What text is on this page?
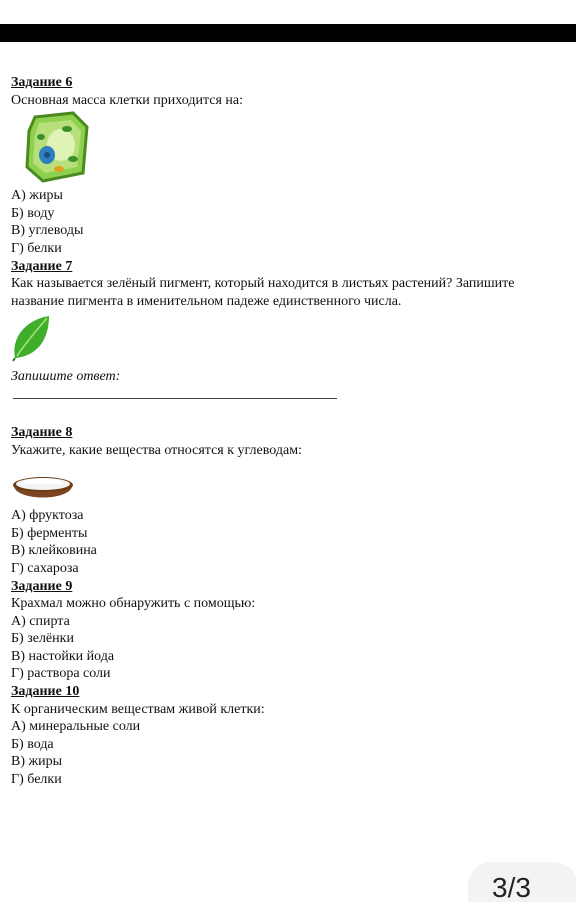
Задание 6
Основная масса клетки приходится на:
А) жиры
Б) воду
В) углеводы
Г) белки
Задание 7
Как называется зелёный пигмент, который находится в листьях растений? Запишите название пигмента в именительном падеже единственного числа.
Запишите ответ:
Задание 8
Укажите, какие вещества относятся к углеводам:
А) фруктоза
Б) ферменты
В) клейковина
Г) сахароза
Задание 9
Крахмал можно обнаружить с помощью:
А) спирта
Б) зелёнки
В) настойки йода
Г) раствора соли
Задание 10
К органическим веществам живой клетки:
А) минеральные соли
Б) вода
В) жиры
Г) белки
3/3
